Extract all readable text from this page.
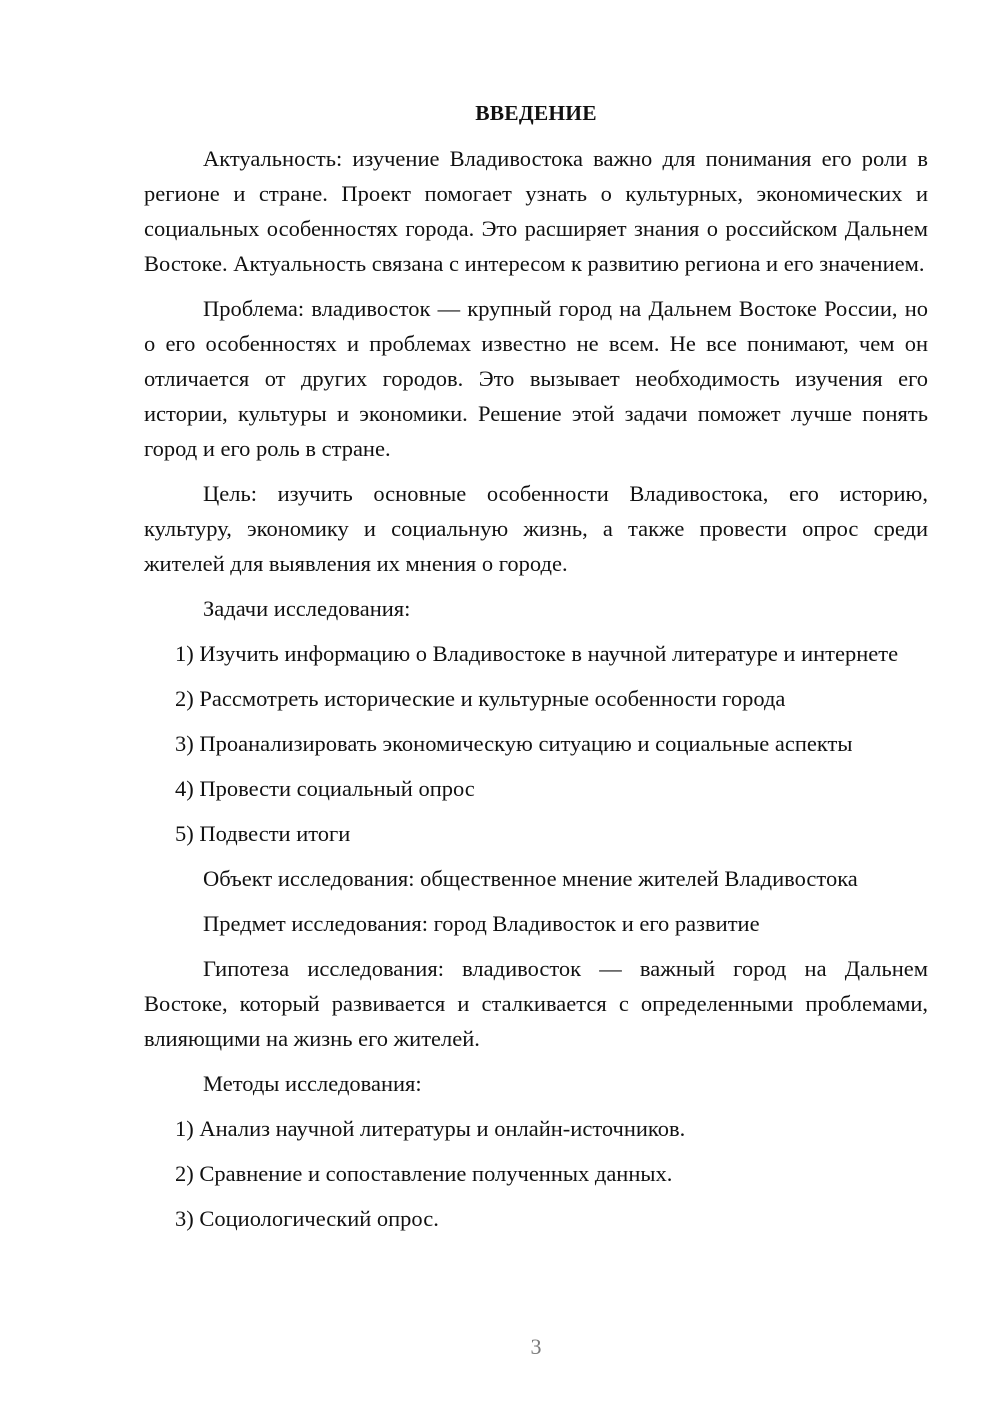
ВВЕДЕНИЕ

Актуальность: изучение Владивостока важно для понимания его роли в регионе и стране. Проект помогает узнать о культурных, экономических и социальных особенностях города. Это расширяет знания о российском Дальнем Востоке. Актуальность связана с интересом к развитию региона и его значением.

Проблема: владивосток — крупный город на Дальнем Востоке России, но о его особенностях и проблемах известно не всем. Не все понимают, чем он отличается от других городов. Это вызывает необходимость изучения его истории, культуры и экономики. Решение этой задачи поможет лучше понять город и его роль в стране.

Цель: изучить основные особенности Владивостока, его историю, культуру, экономику и социальную жизнь, а также провести опрос среди жителей для выявления их мнения о городе.

Задачи исследования:

1) Изучить информацию о Владивостоке в научной литературе и интернете

2) Рассмотреть исторические и культурные особенности города

3) Проанализировать экономическую ситуацию и социальные аспекты

4) Провести социальный опрос

5) Подвести итоги

Объект исследования: общественное мнение жителей Владивостока

Предмет исследования: город Владивосток и его развитие

Гипотеза исследования: владивосток — важный город на Дальнем Востоке, который развивается и сталкивается с определенными проблемами, влияющими на жизнь его жителей.

Методы исследования:

1) Анализ научной литературы и онлайн-источников.

2) Сравнение и сопоставление полученных данных.

3) Социологический опрос.

3
